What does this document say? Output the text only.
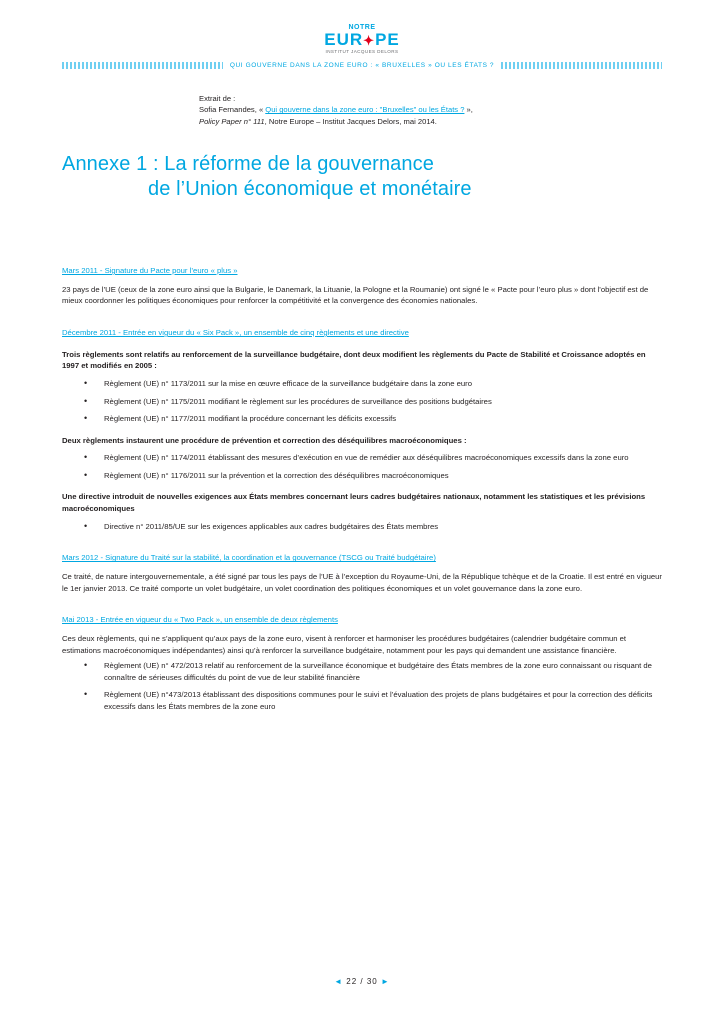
NOTRE
EUR✦PE
INSTITUT JACQUES DELORS
QUI GOUVERNE DANS LA ZONE EURO : « BRUXELLES » OU LES ÉTATS ?
Extrait de :
Sofia Fernandes, « Qui gouverne dans la zone euro : "Bruxelles" ou les États ? »,
Policy Paper n° 111, Notre Europe – Institut Jacques Delors, mai 2014.
Annexe 1 : La réforme de la gouvernance
de l’Union économique et monétaire
Mars 2011 - Signature du Pacte pour l’euro « plus »

23 pays de l’UE (ceux de la zone euro ainsi que la Bulgarie, le Danemark, la Lituanie, la Pologne et la Roumanie) ont signé le « Pacte pour l’euro plus » dont l’objectif est de mieux coordonner les politiques économiques pour renforcer la compétitivité et la convergence des économies nationales.

Décembre 2011 - Entrée en vigueur du « Six Pack », un ensemble de cinq règlements et une directive

Trois règlements sont relatifs au renforcement de la surveillance budgétaire, dont deux modifient les règlements du Pacte de Stabilité et Croissance adoptés en 1997 et modifiés en 2005 :

• Règlement (UE) n° 1173/2011 sur la mise en œuvre efficace de la surveillance budgétaire dans la zone euro
• Règlement (UE) n° 1175/2011 modifiant le règlement sur les procédures de surveillance des positions budgétaires
• Règlement (UE) n° 1177/2011 modifiant la procédure concernant les déficits excessifs

Deux règlements instaurent une procédure de prévention et correction des déséquilibres macroéconomiques :

• Règlement (UE) n° 1174/2011 établissant des mesures d’exécution en vue de remédier aux déséquilibres macroéconomiques excessifs dans la zone euro
• Règlement (UE) n° 1176/2011 sur la prévention et la correction des déséquilibres macroéconomiques

Une directive introduit de nouvelles exigences aux États membres concernant leurs cadres budgétaires nationaux, notamment les statistiques et les prévisions macroéconomiques

• Directive n° 2011/85/UE sur les exigences applicables aux cadres budgétaires des États membres
Mars 2012 - Signature du Traité sur la stabilité, la coordination et la gouvernance (TSCG ou Traité budgétaire)

Ce traité, de nature intergouvernementale, a été signé par tous les pays de l’UE à l’exception du Royaume-Uni, de la République tchèque et de la Croatie. Il est entré en vigueur le 1er janvier 2013. Ce traité comporte un volet budgétaire, un volet coordination des politiques économiques et un volet gouvernance dans la zone euro.

Mai 2013 - Entrée en vigueur du « Two Pack », un ensemble de deux règlements

Ces deux règlements, qui ne s’appliquent qu’aux pays de la zone euro, visent à renforcer et harmoniser les procédures budgétaires (calendrier budgétaire commun et estimations macroéconomiques indépendantes) ainsi qu’à renforcer la surveillance budgétaire, notamment pour les pays qui demandent une assistance financière.

• Règlement (UE) n° 472/2013 relatif au renforcement de la surveillance économique et budgétaire des États membres de la zone euro connaissant ou risquant de connaître de sérieuses difficultés du point de vue de leur stabilité financière
• Règlement (UE) n°473/2013 établissant des dispositions communes pour le suivi et l’évaluation des projets de plans budgétaires et pour la correction des déficits excessifs dans les États membres de la zone euro
◄ 22 / 30 ►
